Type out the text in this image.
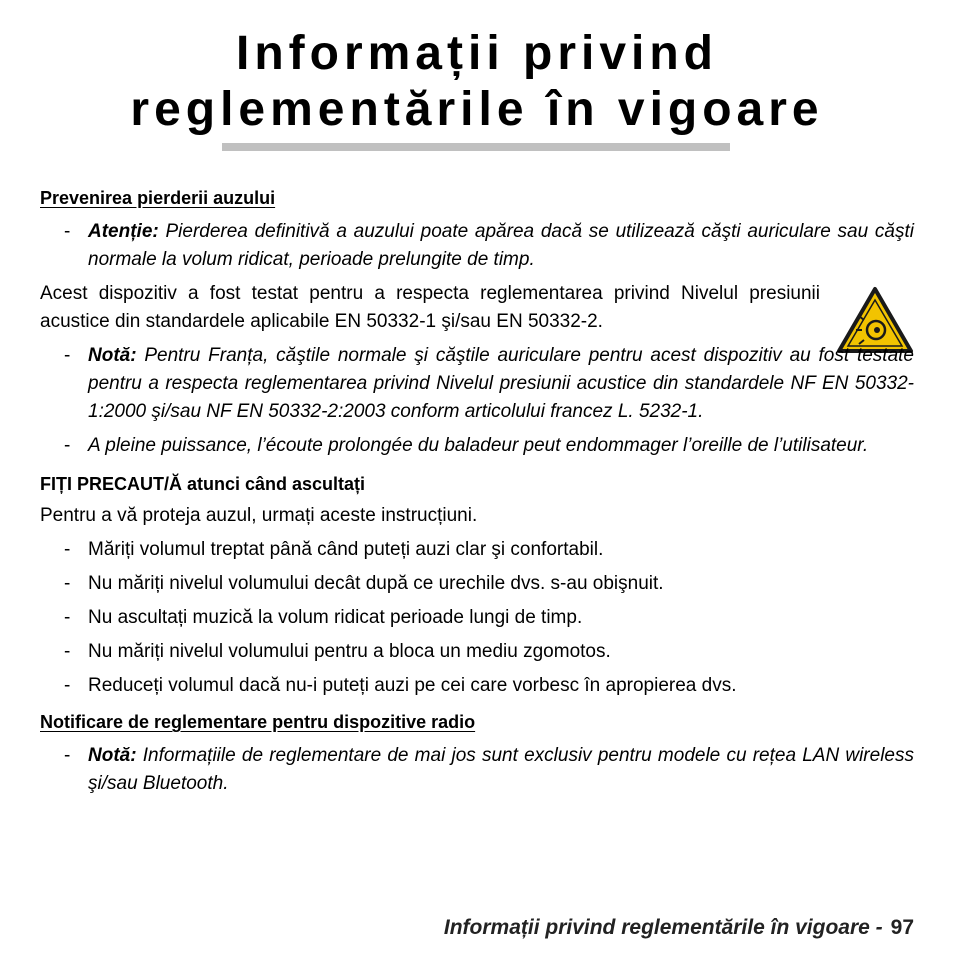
Informații privind
reglementările în vigoare

Prevenirea pierderii auzului

- Atenție: Pierderea definitivă a auzului poate apărea dacă se utilizează căşti auriculare sau căşti normale la volum ridicat, perioade prelungite de timp.

Acest dispozitiv a fost testat pentru a respecta reglementarea privind Nivelul presiunii acustice din standardele aplicabile EN 50332-1 şi/sau EN 50332-2.

- Notă: Pentru Franța, căştile normale şi căştile auriculare pentru acest dispozitiv au fost testate pentru a respecta reglementarea privind Nivelul presiunii acustice din standardele NF EN 50332-1:2000 şi/sau NF EN 50332-2:2003 conform articolului francez L. 5232-1.

- A pleine puissance, l’écoute prolongée du baladeur peut endommager l’oreille de l’utilisateur.

FIȚI PRECAUT/Ă atunci când ascultați

Pentru a vă proteja auzul, urmați aceste instrucțiuni.

- Măriți volumul treptat până când puteți auzi clar şi confortabil.

- Nu măriți nivelul volumului decât după ce urechile dvs. s-au obişnuit.

- Nu ascultați muzică la volum ridicat perioade lungi de timp.

- Nu măriți nivelul volumului pentru a bloca un mediu zgomotos.

- Reduceți volumul dacă nu-i puteți auzi pe cei care vorbesc în apropierea dvs.

Notificare de reglementare pentru dispozitive radio

- Notă: Informațiile de reglementare de mai jos sunt exclusiv pentru modele cu rețea LAN wireless şi/sau Bluetooth.

Informații privind reglementările în vigoare - 97
